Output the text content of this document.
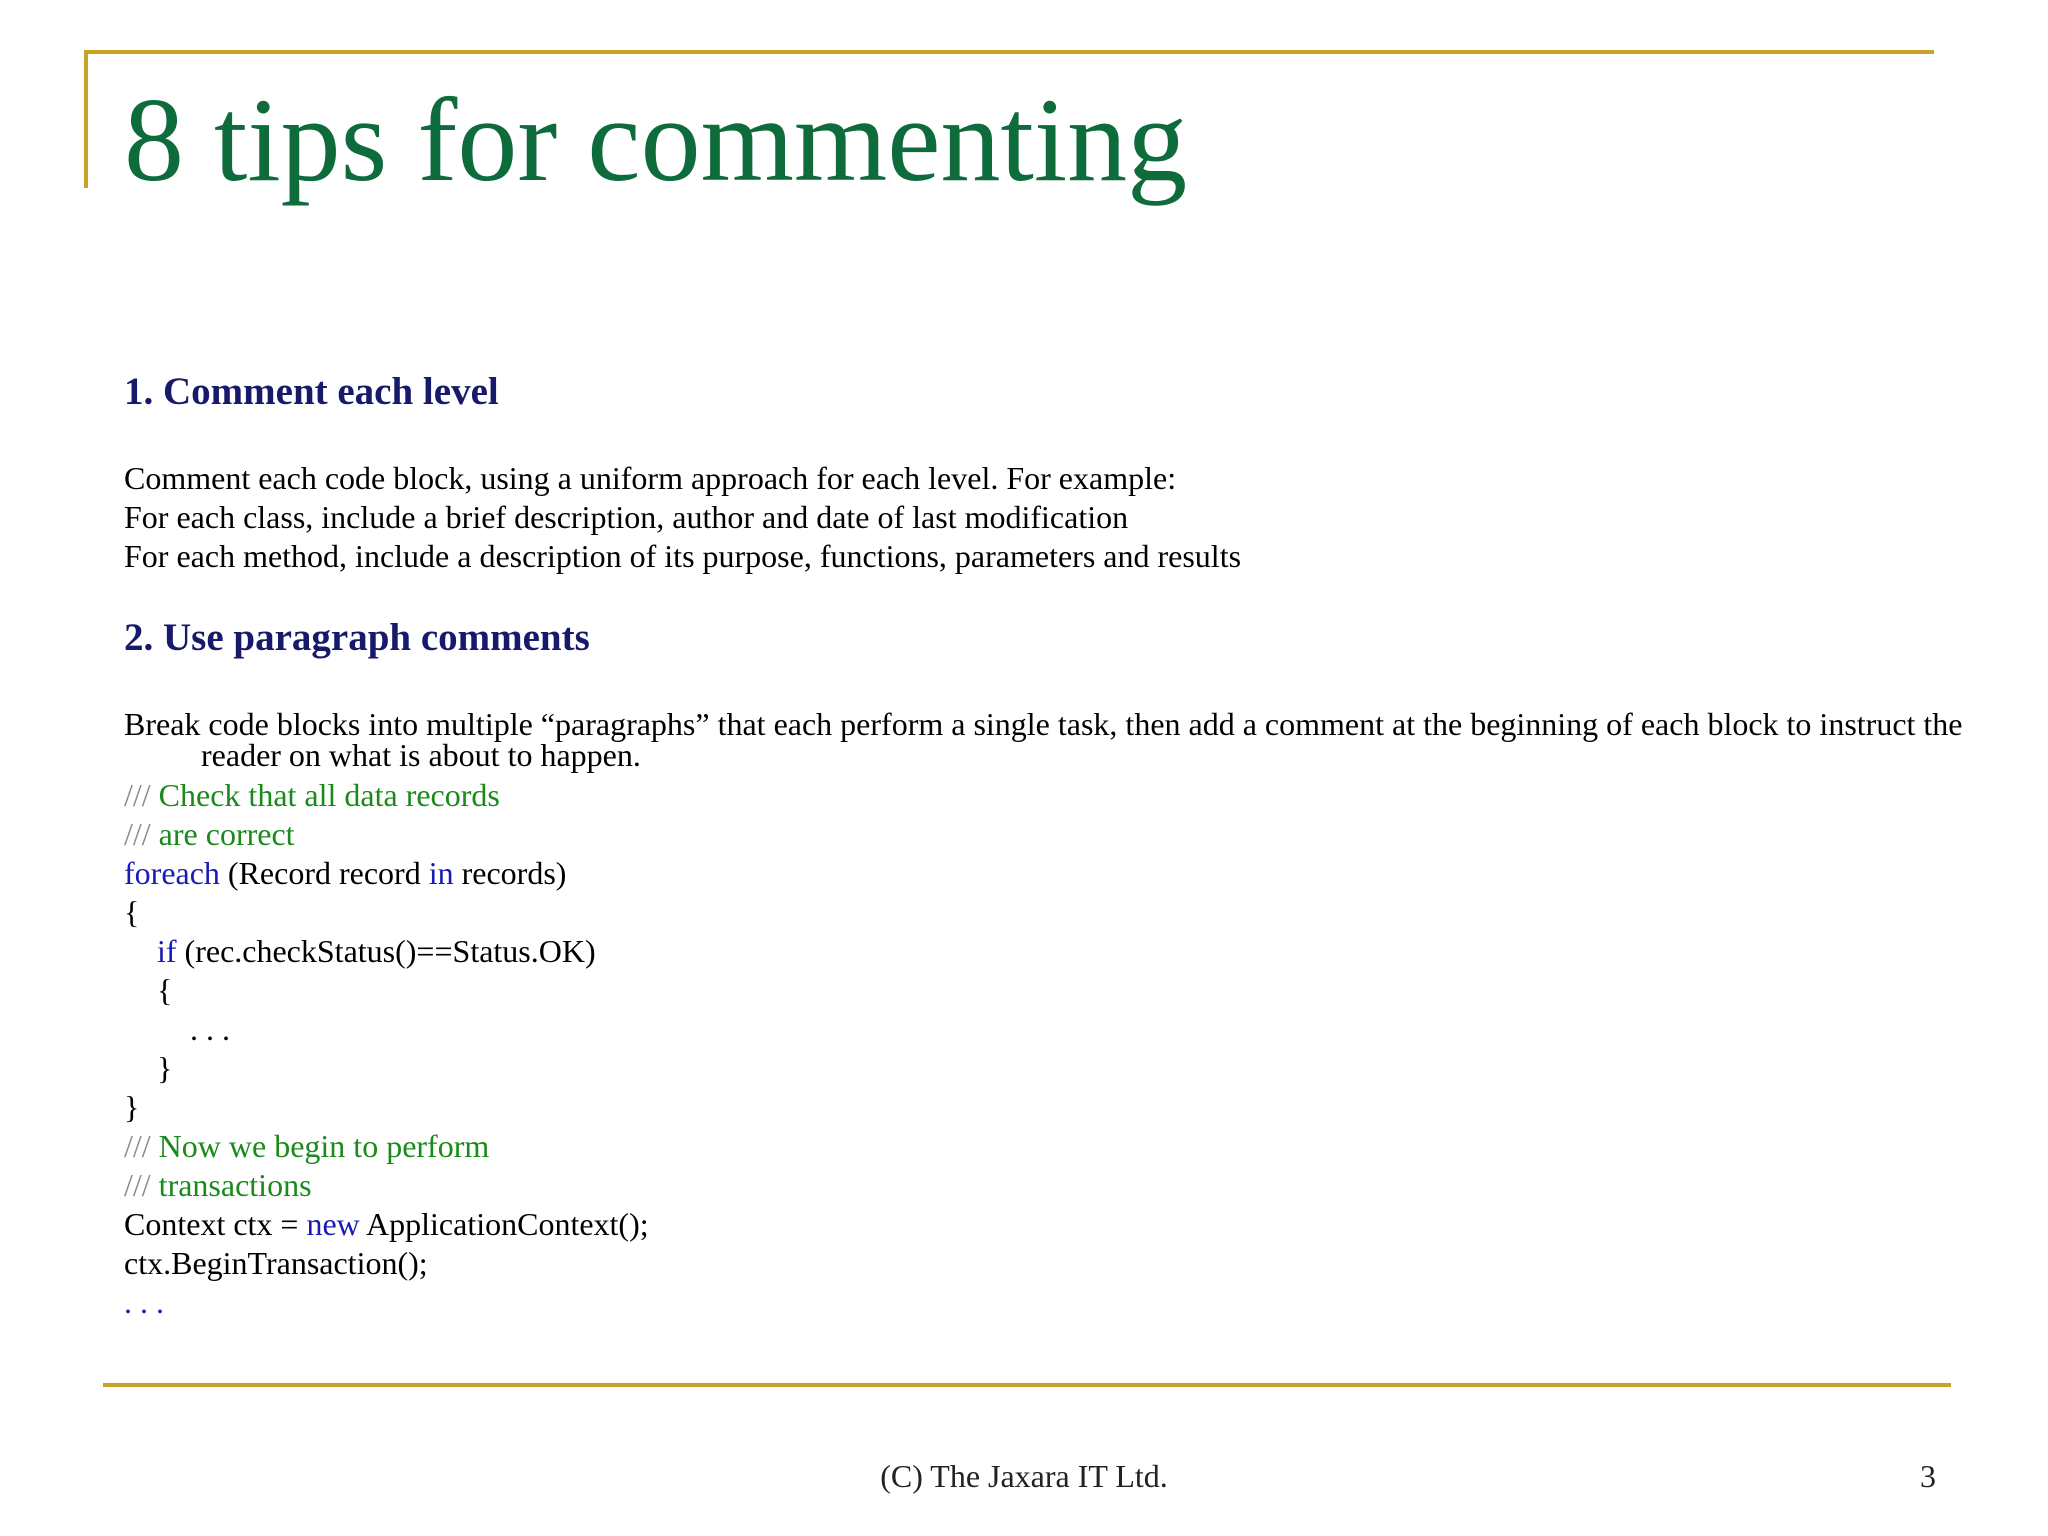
8 tips for commenting
1. Comment each level
Comment each code block, using a uniform approach for each level. For example:
For each class, include a brief description, author and date of last modification
For each method, include a description of its purpose, functions, parameters and results
2. Use paragraph comments
Break code blocks into multiple “paragraphs” that each perform a single task, then add a comment at the beginning of each block to instruct the reader on what is about to happen.
/// Check that all data records
/// are correct
foreach (Record record in records)
{
if (rec.checkStatus()==Status.OK)
{
. . .
}
}
/// Now we begin to perform
/// transactions
Context ctx = new ApplicationContext();
ctx.BeginTransaction();
. . .
(C) The Jaxara IT Ltd.	3
